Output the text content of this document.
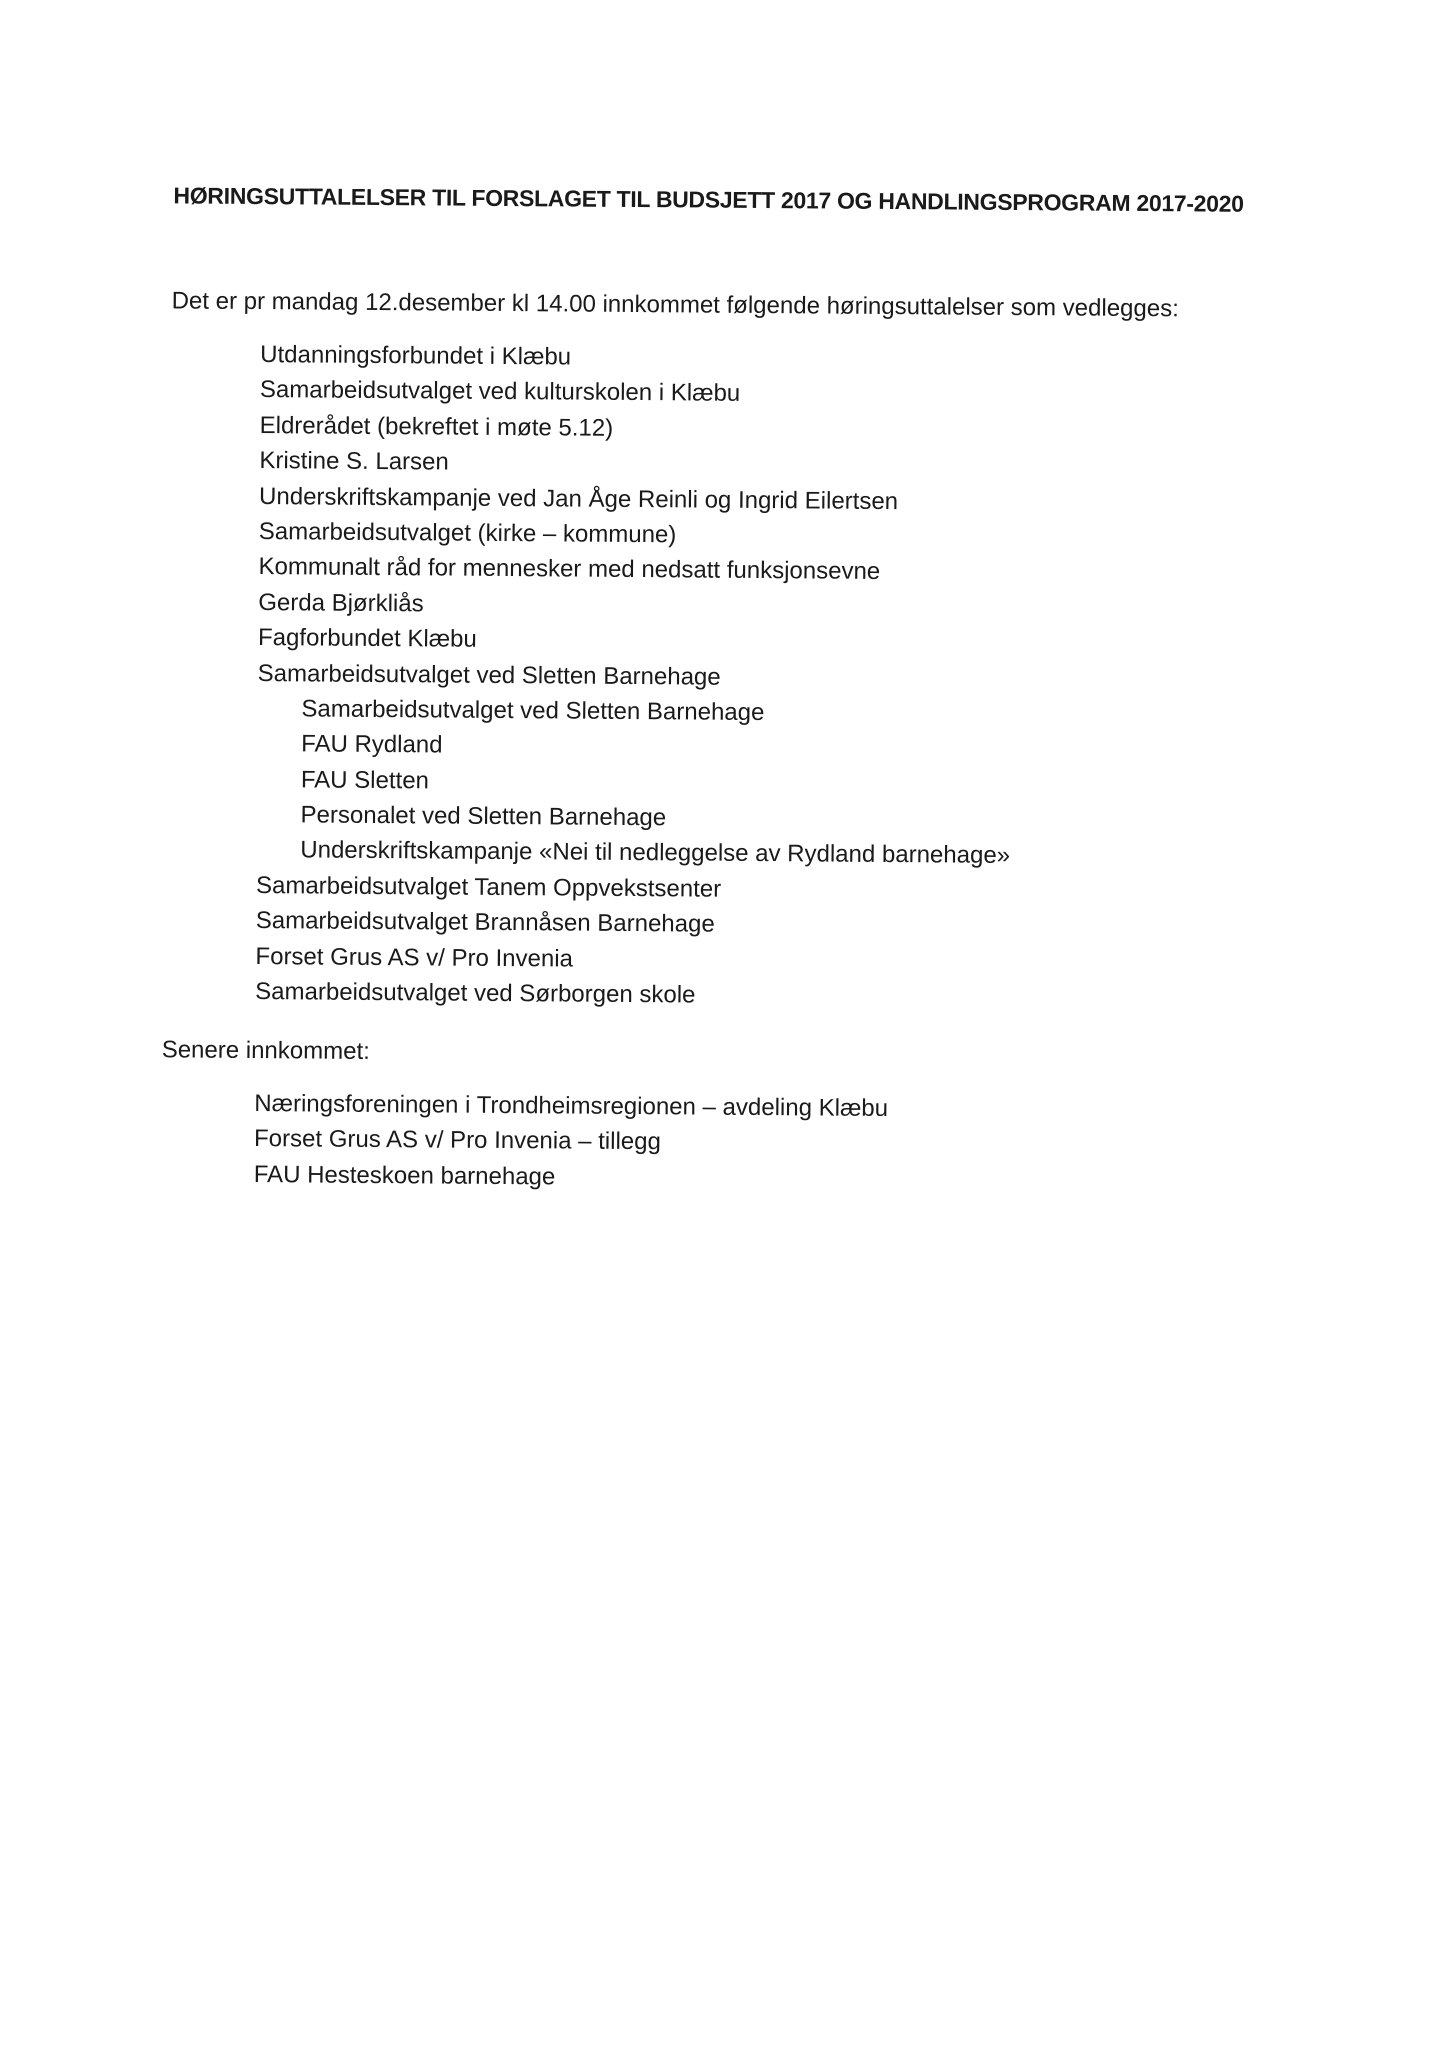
HØRINGSUTTALELSER TIL FORSLAGET TIL BUDSJETT 2017 OG HANDLINGSPROGRAM 2017-2020
Det er pr mandag 12.desember kl 14.00 innkommet følgende høringsuttalelser som vedlegges:
Utdanningsforbundet i Klæbu
Samarbeidsutvalget ved kulturskolen i Klæbu
Eldrerådet (bekreftet i møte 5.12)
Kristine S. Larsen
Underskriftskampanje ved Jan Åge Reinli og Ingrid Eilertsen
Samarbeidsutvalget (kirke – kommune)
Kommunalt råd for mennesker med nedsatt funksjonsevne
Gerda Bjørkliås
Fagforbundet Klæbu
Samarbeidsutvalget ved Sletten Barnehage
Samarbeidsutvalget ved Sletten Barnehage
FAU Rydland
FAU Sletten
Personalet ved Sletten Barnehage
Underskriftskampanje «Nei til nedleggelse av Rydland barnehage»
Samarbeidsutvalget Tanem Oppvekstsenter
Samarbeidsutvalget Brannåsen Barnehage
Forset Grus AS v/ Pro Invenia
Samarbeidsutvalget ved Sørborgen skole
Senere innkommet:
Næringsforeningen i Trondheimsregionen – avdeling Klæbu
Forset Grus AS v/ Pro Invenia – tillegg
FAU Hesteskoen barnehage
